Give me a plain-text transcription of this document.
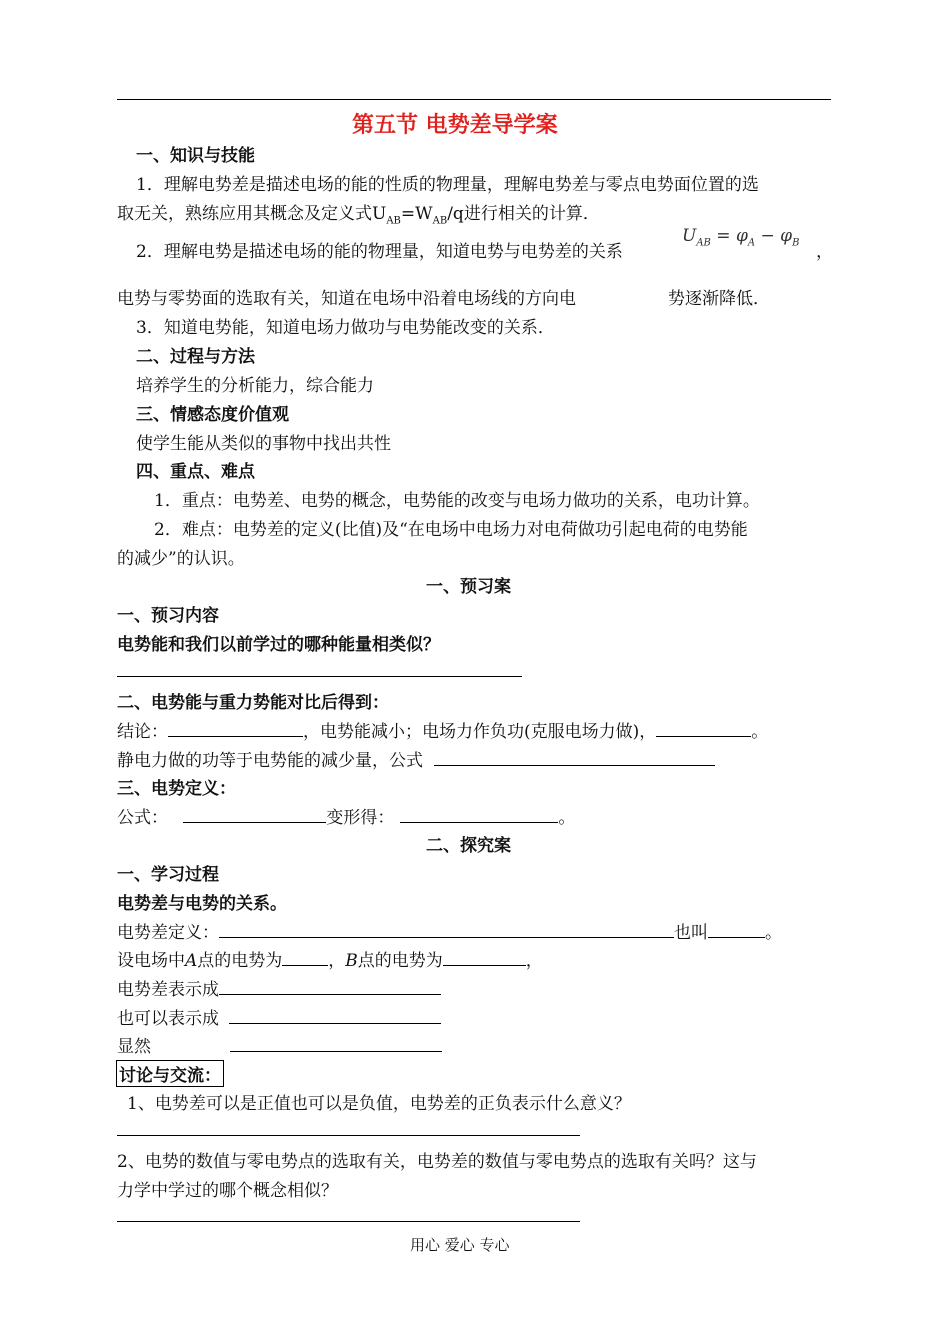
第五节 电势差导学案
一、知识与技能
1．理解电势差是描述电场的能的性质的物理量，理解电势差与零点电势面位置的选
取无关，熟练应用其概念及定义式$U_{AB}=W_{AB}/q$进行相关的计算．
2．理解电势是描述电场的能的物理量，知道电势与电势差的关系
$U_{AB} = \varphi_A - \varphi_B$ ，
电势与零势面的选取有关，知道在电场中沿着电场线的方向电	势逐渐降低．
3．知道电势能，知道电场力做功与电势能改变的关系．
二、过程与方法
培养学生的分析能力，综合能力
三、情感态度价值观
使学生能从类似的事物中找出共性
四、重点、难点
1．重点：电势差、电势的概念，电势能的改变与电场力做功的关系，电功计算。
2．难点：电势差的定义(比值)及“在电场中电场力对电荷做功引起电荷的电势能
的减少”的认识。
一、预习案
一、预习内容
电势能和我们以前学过的哪种能量相类似？
二、电势能与重力势能对比后得到：
结论：	，电势能减小；电场力作负功(克服电场力做)，	。
静电力做的功等于电势能的减少量，公式
三、电势定义：
公式：	变形得：	。
二、探究案
一、学习过程
电势差与电势的关系。
电势差定义：	也叫	。
设电场中A点的电势为	，B点的电势为	，
电势差表示成
也可以表示成
显然
讨论与交流：
1、电势差可以是正值也可以是负值，电势差的正负表示什么意义？
2、电势的数值与零电势点的选取有关，电势差的数值与零电势点的选取有关吗？这与
力学中学过的哪个概念相似？
用心 爱心 专心
